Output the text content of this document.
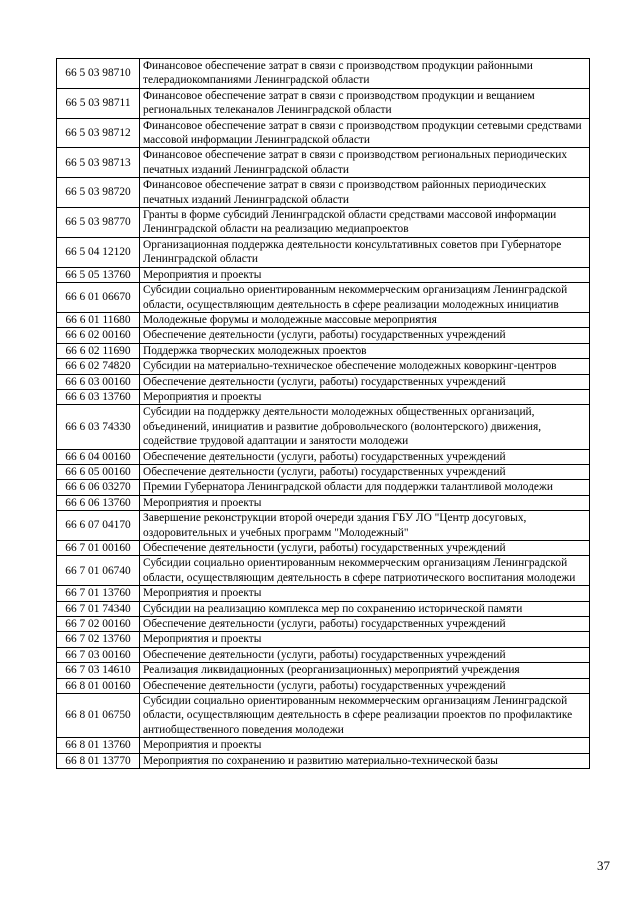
66 5 03 98710	Финансовое обеспечение затрат в связи с производством продукции районными телерадиокомпаниями Ленинградской области
66 5 03 98711	Финансовое обеспечение затрат в связи с производством продукции и вещанием региональных телеканалов Ленинградской области
66 5 03 98712	Финансовое обеспечение затрат в связи с производством продукции сетевыми средствами массовой информации Ленинградской области
66 5 03 98713	Финансовое обеспечение затрат в связи с производством региональных периодических печатных изданий Ленинградской области
66 5 03 98720	Финансовое обеспечение затрат в связи с производством районных периодических печатных изданий Ленинградской области
66 5 03 98770	Гранты в форме субсидий Ленинградской области средствами массовой информации Ленинградской области на реализацию медиапроектов
66 5 04 12120	Организационная поддержка деятельности консультативных советов при Губернаторе Ленинградской области
66 5 05 13760	Мероприятия и проекты
66 6 01 06670	Субсидии социально ориентированным некоммерческим организациям Ленинградской области, осуществляющим деятельность в сфере реализации молодежных инициатив
66 6 01 11680	Молодежные форумы и молодежные массовые мероприятия
66 6 02 00160	Обеспечение деятельности (услуги, работы) государственных учреждений
66 6 02 11690	Поддержка творческих молодежных проектов
66 6 02 74820	Субсидии на материально-техническое обеспечение молодежных коворкинг-центров
66 6 03 00160	Обеспечение деятельности (услуги, работы) государственных учреждений
66 6 03 13760	Мероприятия и проекты
66 6 03 74330	Субсидии на поддержку деятельности молодежных общественных организаций, объединений, инициатив и развитие добровольческого (волонтерского) движения, содействие трудовой адаптации и занятости молодежи
66 6 04 00160	Обеспечение деятельности (услуги, работы) государственных учреждений
66 6 05 00160	Обеспечение деятельности (услуги, работы) государственных учреждений
66 6 06 03270	Премии Губернатора Ленинградской области для поддержки талантливой молодежи
66 6 06 13760	Мероприятия и проекты
66 6 07 04170	Завершение реконструкции второй очереди здания ГБУ ЛО "Центр досуговых, оздоровительных и учебных программ "Молодежный"
66 7 01 00160	Обеспечение деятельности (услуги, работы) государственных учреждений
66 7 01 06740	Субсидии социально ориентированным некоммерческим организациям Ленинградской области, осуществляющим деятельность в сфере патриотического воспитания молодежи
66 7 01 13760	Мероприятия и проекты
66 7 01 74340	Субсидии на реализацию комплекса мер по сохранению исторической памяти
66 7 02 00160	Обеспечение деятельности (услуги, работы) государственных учреждений
66 7 02 13760	Мероприятия и проекты
66 7 03 00160	Обеспечение деятельности (услуги, работы) государственных учреждений
66 7 03 14610	Реализация ликвидационных (реорганизационных) мероприятий учреждения
66 8 01 00160	Обеспечение деятельности (услуги, работы) государственных учреждений
66 8 01 06750	Субсидии социально ориентированным некоммерческим организациям Ленинградской области, осуществляющим деятельность в сфере реализации проектов по профилактике антиобщественного поведения молодежи
66 8 01 13760	Мероприятия и проекты
66 8 01 13770	Мероприятия по сохранению и развитию материально-технической базы
37
